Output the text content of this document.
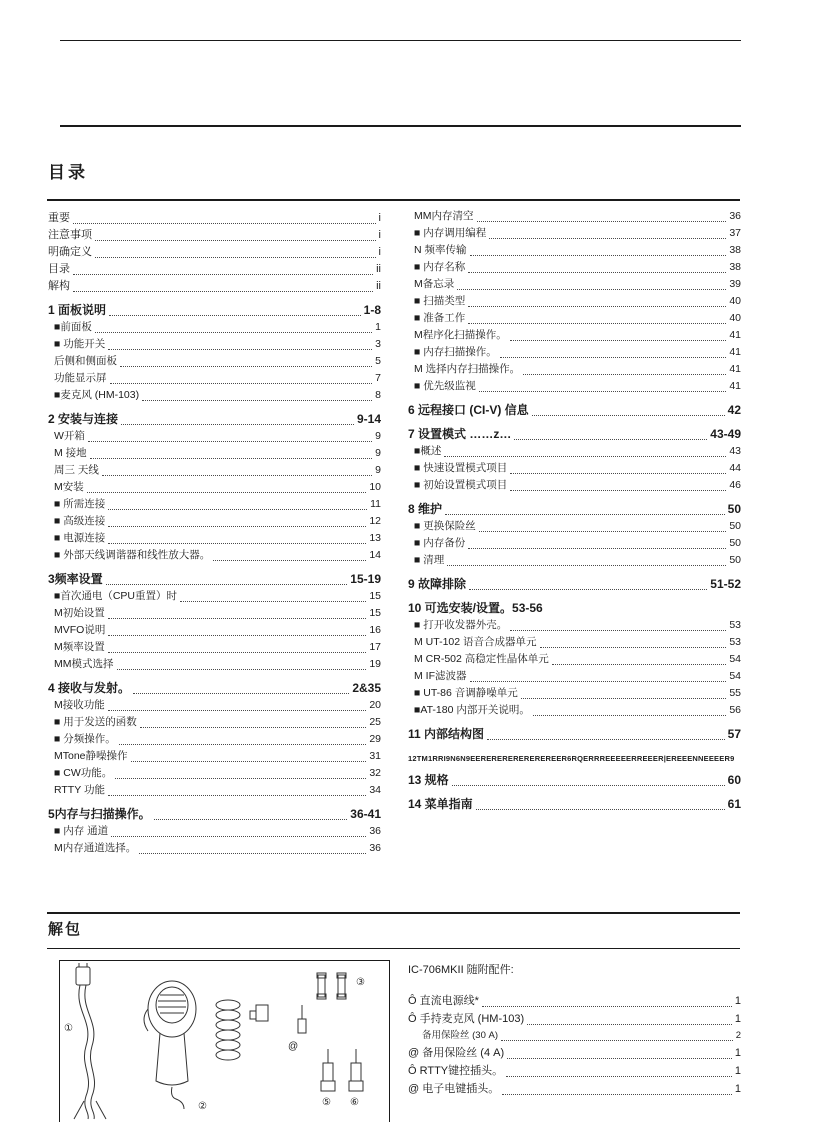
目录
重要	i
注意事项	i
明确定义	i
目录	ii
解构	ii
1 面板说明	1-8
■前面板	1
■ 功能开关	3
后侧和侧面板	5
功能显示屏	7
■麦克风 (HM-103)	8
2 安装与连接	9-14
W开箱	9
M 接地	9
周三 天线	9
M安装	10
■ 所需连接	11
■ 高级连接	12
■ 电源连接	13
■ 外部天线调谐器和线性放大器。	14
3频率设置	15-19
■首次通电（CPU重置）时	15
M初始设置	15
MVFO说明	16
M频率设置	17
MM模式选择	19
4 接收与发射。	2&35
M接收功能	20
■ 用于发送的函数	25
■ 分频操作。	29
MTone静噪操作	31
■ CW功能。	32
RTTY 功能	34
5内存与扫描操作。	36-41
■ 内存 通道	36
M内存通道选择。	36
MM内存清空	36
■ 内存调用编程	37
N 频率传输	38
■ 内存名称	38
M备忘录	39
■ 扫描类型	40
■ 准备工作	40
M程序化扫描操作。	41
■ 内存扫描操作。	41
M 选择内存扫描操作。	41
■ 优先级监视	41
6 远程接口 (CI-V) 信息	42
7 设置模式 ……z…	43-49
■概述	43
■ 快速设置模式项目	44
■ 初始设置模式项目	46
8 维护	50
■ 更换保险丝	50
■ 内存备份	50
■ 清理	50
9 故障排除	51-52
10 可选安装/设置。53-56
■ 打开收发器外壳。	53
M UT-102 语音合成器单元	53
M CR-502 高稳定性晶体单元	54
M IF滤波器	54
■ UT-86 音调静噪单元	55
■AT-180 内部开关说明。	56
11 内部结构图	57
12TM1RRI9N6N9EEREREREREREREREER6RQERRREEEEERREEER|EREEENNEEEER9
13 规格	60
14 菜单指南	61
解包
①
②
③
@
⑤ ⑥
IC-706MKII 随附配件:
Ô 直流电源线*	1
Ô 手持麦克风 (HM-103)	1
备用保险丝 (30 A)	2
@ 备用保险丝 (4 A)	1
Ô RTTY键控插头。	1
@ 电子电键插头。	1
